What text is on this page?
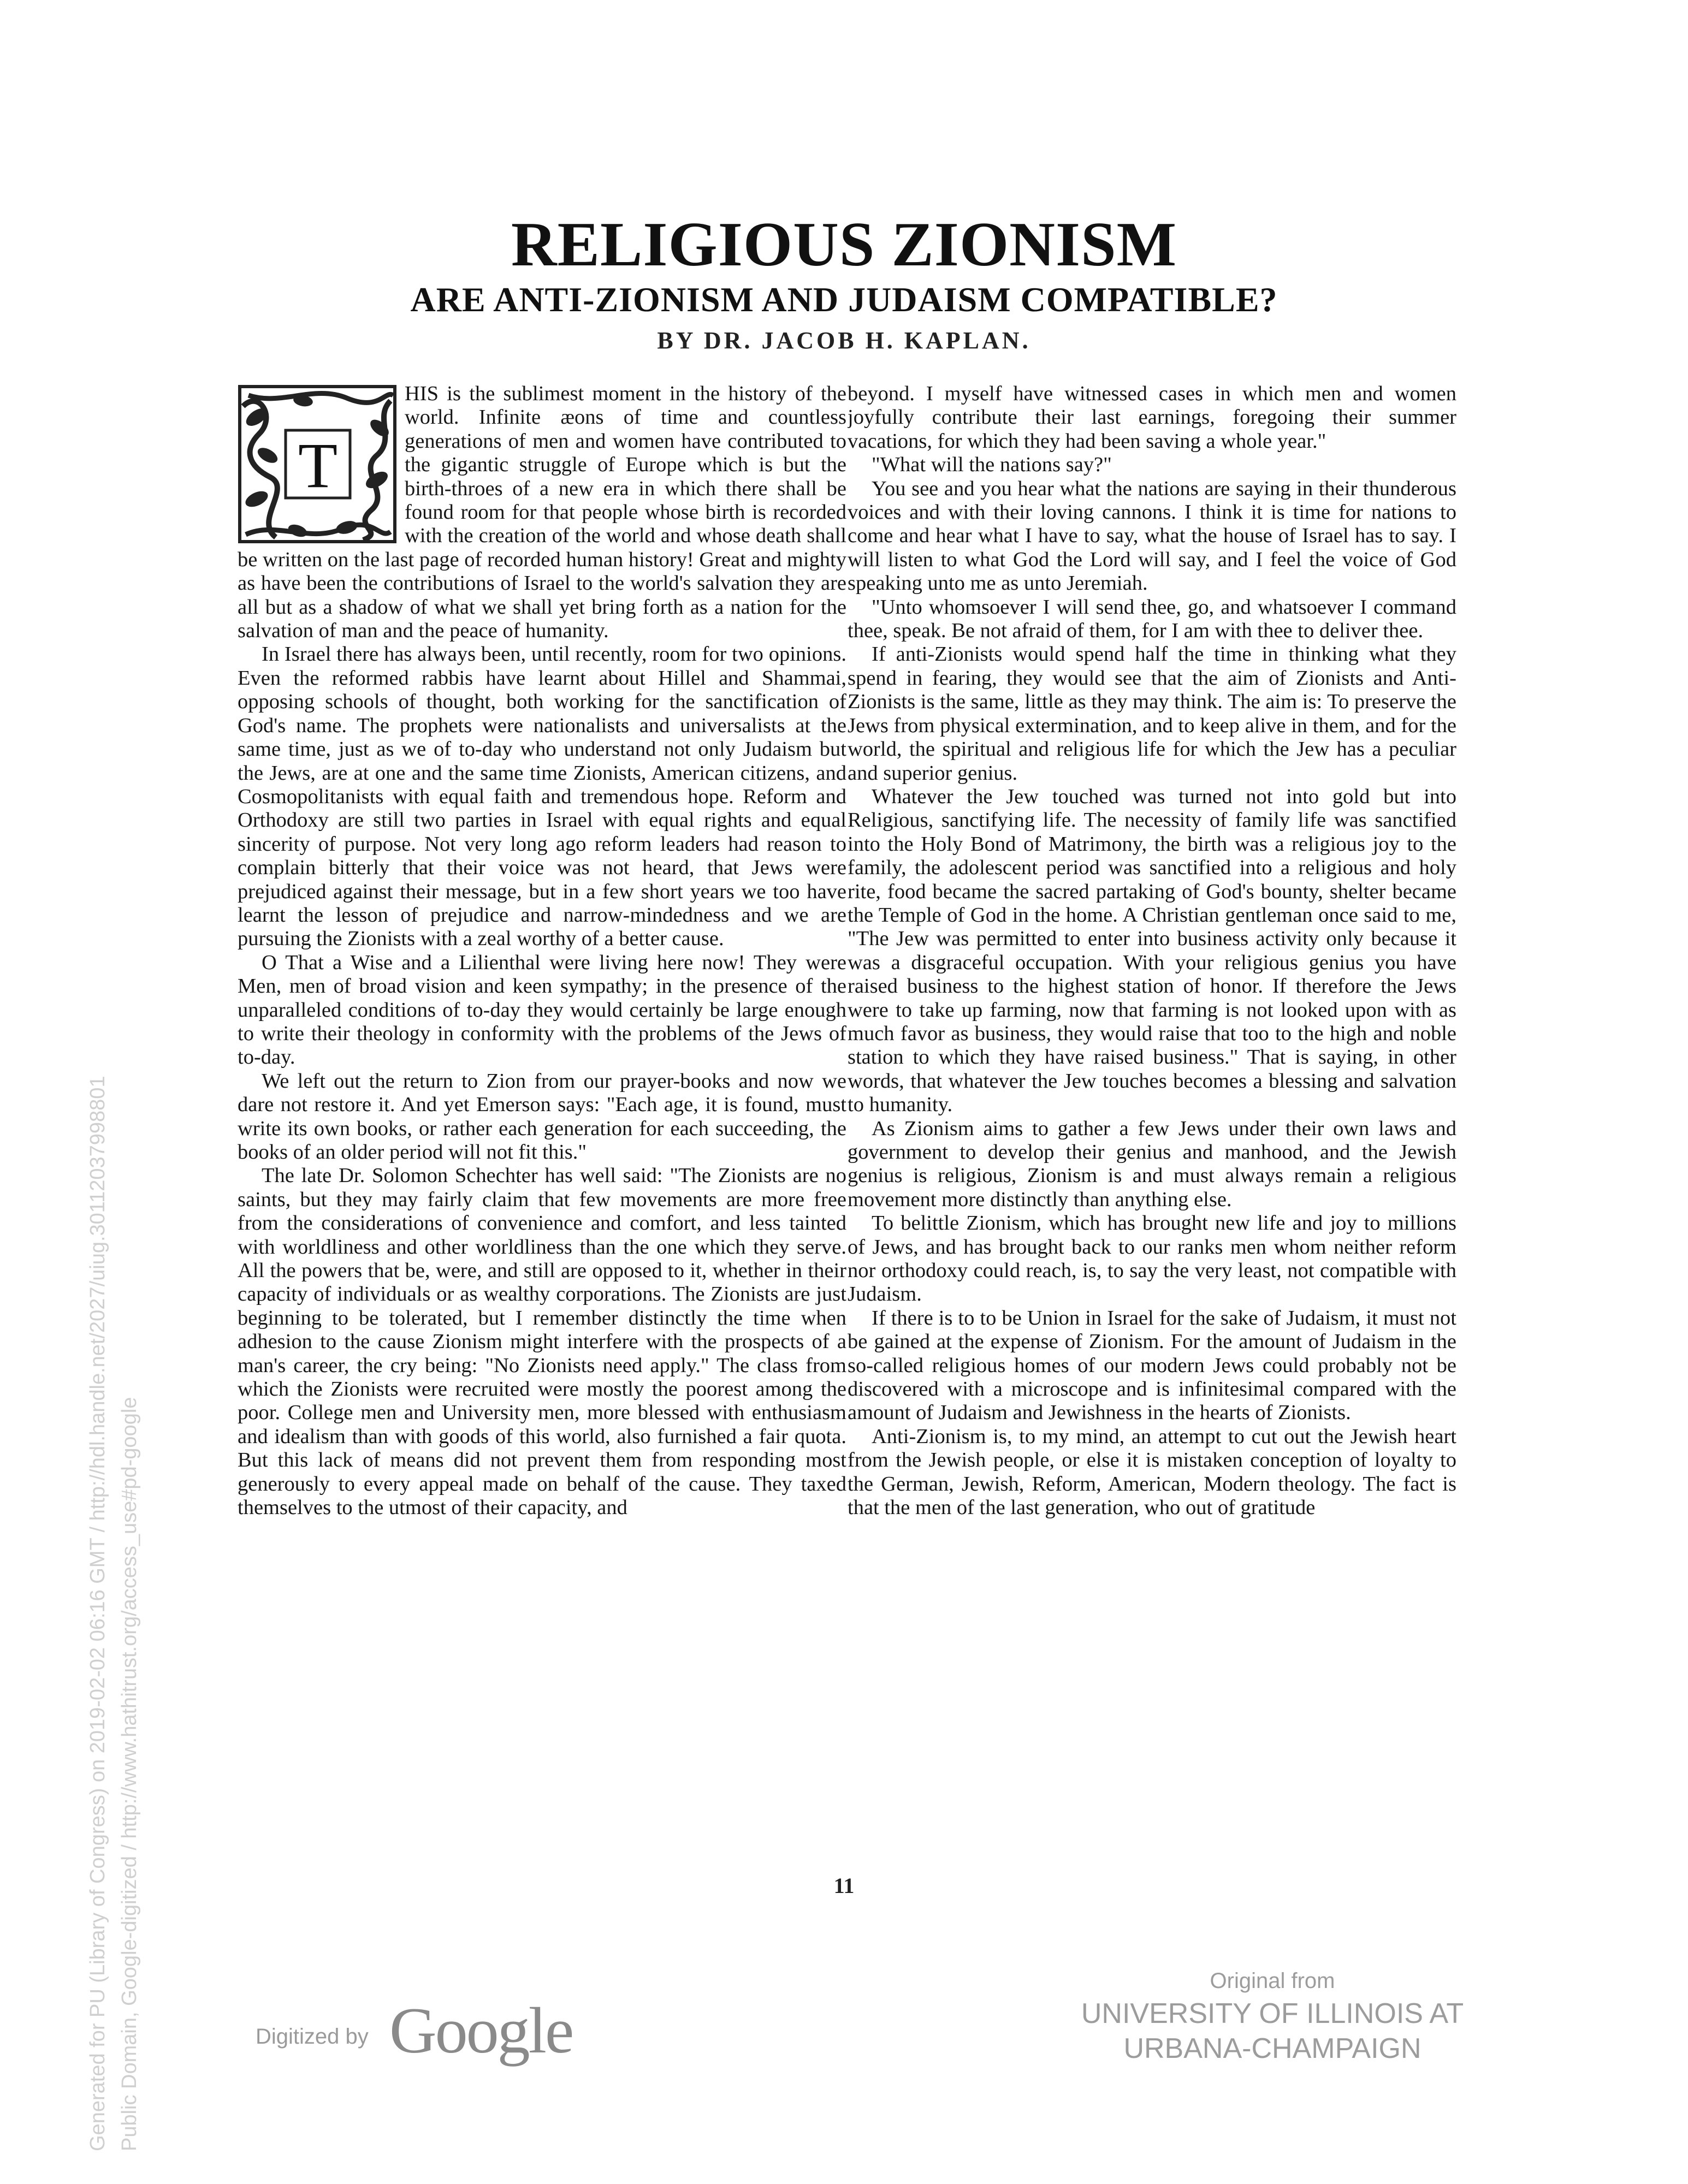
RELIGIOUS ZIONISM
ARE ANTI-ZIONISM AND JUDAISM COMPATIBLE?
BY DR. JACOB H. KAPLAN.
T

HIS is the sublimest moment in the history of the world. Infinite æons of time and countless generations of men and women have contributed to the gigantic struggle of Europe which is but the birth-throes of a new era in which there shall be found room for that people whose birth is recorded with the creation of the world and whose death shall be written on the last page of recorded human history! Great and mighty as have been the contributions of Israel to the world's salvation they are all but as a shadow of what we shall yet bring forth as a nation for the salvation of man and the peace of humanity.

In Israel there has always been, until recently, room for two opinions. Even the reformed rabbis have learnt about Hillel and Shammai, opposing schools of thought, both working for the sanctification of God's name. The prophets were nationalists and universalists at the same time, just as we of to-day who understand not only Judaism but the Jews, are at one and the same time Zionists, American citizens, and Cosmopolitanists with equal faith and tremendous hope. Reform and Orthodoxy are still two parties in Israel with equal rights and equal sincerity of purpose. Not very long ago reform leaders had reason to complain bitterly that their voice was not heard, that Jews were prejudiced against their message, but in a few short years we too have learnt the lesson of prejudice and narrow-mindedness and we are pursuing the Zionists with a zeal worthy of a better cause.

O That a Wise and a Lilienthal were living here now! They were Men, men of broad vision and keen sympathy; in the presence of the unparalleled conditions of to-day they would certainly be large enough to write their theology in conformity with the problems of the Jews of to-day.

We left out the return to Zion from our prayer-books and now we dare not restore it. And yet Emerson says: "Each age, it is found, must write its own books, or rather each generation for each succeeding, the books of an older period will not fit this."

The late Dr. Solomon Schechter has well said: "The Zionists are no saints, but they may fairly claim that few movements are more free from the considerations of convenience and comfort, and less tainted with worldliness and other worldliness than the one which they serve. All the powers that be, were, and still are opposed to it, whether in their capacity of individuals or as wealthy corporations. The Zionists are just beginning to be tolerated, but I remember distinctly the time when adhesion to the cause Zionism might interfere with the prospects of a man's career, the cry being: "No Zionists need apply." The class from which the Zionists were recruited were mostly the poorest among the poor. College men and University men, more blessed with enthusiasm and idealism than with goods of this world, also furnished a fair quota. But this lack of means did not prevent them from responding most generously to every appeal made on behalf of the cause. They taxed themselves to the utmost of their capacity, and

beyond. I myself have witnessed cases in which men and women joyfully contribute their last earnings, foregoing their summer vacations, for which they had been saving a whole year."

"What will the nations say?"

You see and you hear what the nations are saying in their thunderous voices and with their loving cannons. I think it is time for nations to come and hear what I have to say, what the house of Israel has to say. I will listen to what God the Lord will say, and I feel the voice of God speaking unto me as unto Jeremiah.

"Unto whomsoever I will send thee, go, and whatsoever I command thee, speak. Be not afraid of them, for I am with thee to deliver thee.

If anti-Zionists would spend half the time in thinking what they spend in fearing, they would see that the aim of Zionists and Anti-Zionists is the same, little as they may think. The aim is: To preserve the Jews from physical extermination, and to keep alive in them, and for the world, the spiritual and religious life for which the Jew has a peculiar and superior genius.

Whatever the Jew touched was turned not into gold but into Religious, sanctifying life. The necessity of family life was sanctified into the Holy Bond of Matrimony, the birth was a religious joy to the family, the adolescent period was sanctified into a religious and holy rite, food became the sacred partaking of God's bounty, shelter became the Temple of God in the home. A Christian gentleman once said to me, "The Jew was permitted to enter into business activity only because it was a disgraceful occupation. With your religious genius you have raised business to the highest station of honor. If therefore the Jews were to take up farming, now that farming is not looked upon with as much favor as business, they would raise that too to the high and noble station to which they have raised business." That is saying, in other words, that whatever the Jew touches becomes a blessing and salvation to humanity.

As Zionism aims to gather a few Jews under their own laws and government to develop their genius and manhood, and the Jewish genius is religious, Zionism is and must always remain a religious movement more distinctly than anything else.

To belittle Zionism, which has brought new life and joy to millions of Jews, and has brought back to our ranks men whom neither reform nor orthodoxy could reach, is, to say the very least, not compatible with Judaism.

If there is to to be Union in Israel for the sake of Judaism, it must not be gained at the expense of Zionism. For the amount of Judaism in the so-called religious homes of our modern Jews could probably not be discovered with a microscope and is infinitesimal compared with the amount of Judaism and Jewishness in the hearts of Zionists.

Anti-Zionism is, to my mind, an attempt to cut out the Jewish heart from the Jewish people, or else it is mistaken conception of loyalty to the German, Jewish, Reform, American, Modern theology. The fact is that the men of the last generation, who out of gratitude

11
Digitized by Google
Original from
UNIVERSITY OF ILLINOIS AT
URBANA-CHAMPAIGN
Generated for PU (Library of Congress) on 2019-02-02 06:16 GMT / http://hdl.handle.net/2027/uiug.30112037998801 Public Domain, Google-digitized / http://www.hathitrust.org/access_use#pd-google
